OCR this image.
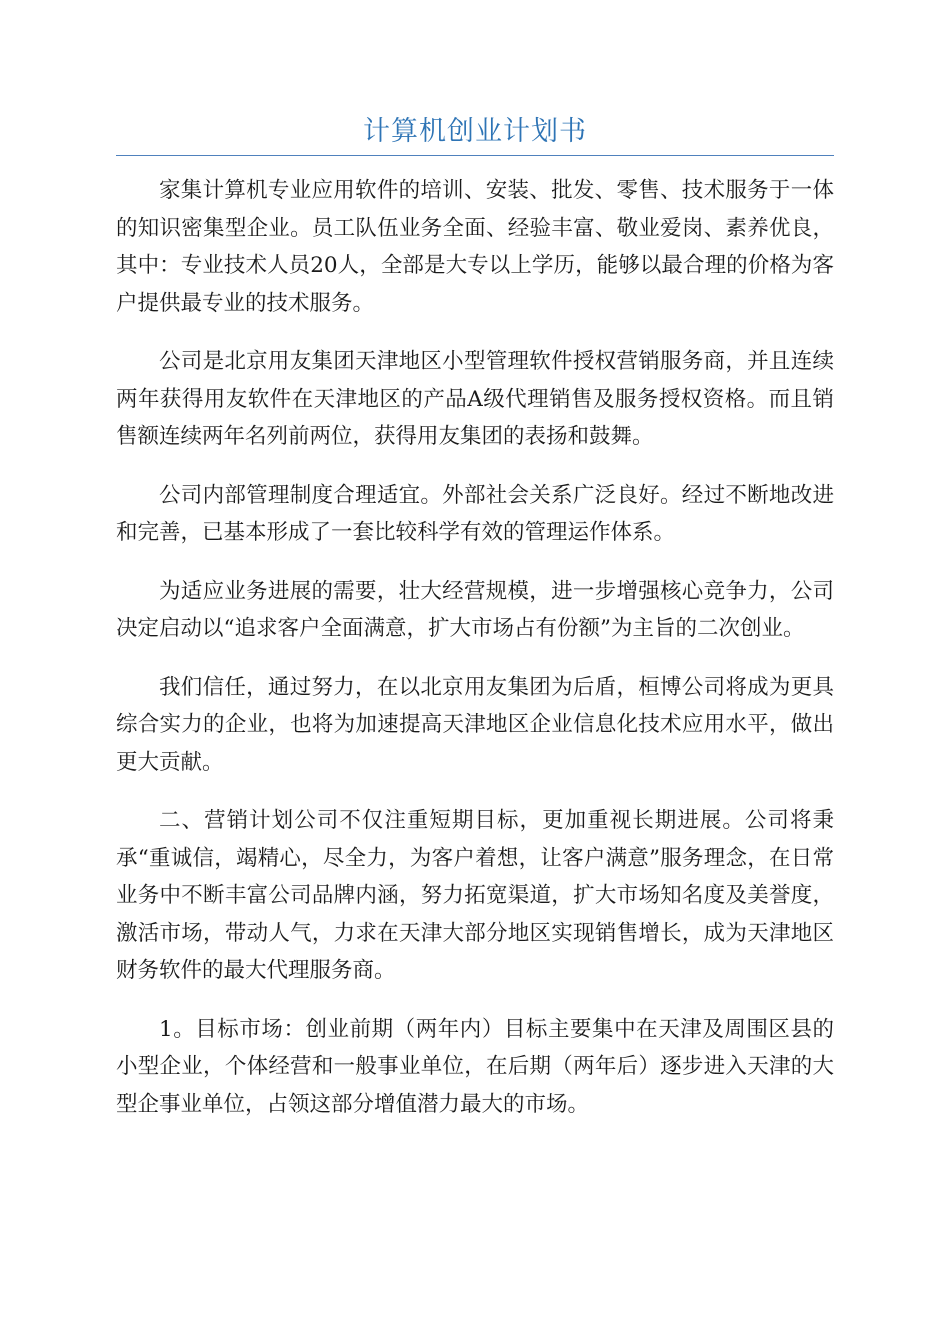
计算机创业计划书

家集计算机专业应用软件的培训、安装、批发、零售、技术服务于一体的知识密集型企业。员工队伍业务全面、经验丰富、敬业爱岗、素养优良，其中：专业技术人员20人，全部是大专以上学历，能够以最合理的价格为客户提供最专业的技术服务。

公司是北京用友集团天津地区小型管理软件授权营销服务商，并且连续两年获得用友软件在天津地区的产品A级代理销售及服务授权资格。而且销售额连续两年名列前两位，获得用友集团的表扬和鼓舞。

公司内部管理制度合理适宜。外部社会关系广泛良好。经过不断地改进和完善，已基本形成了一套比较科学有效的管理运作体系。

为适应业务进展的需要，壮大经营规模，进一步增强核心竞争力，公司决定启动以“追求客户全面满意，扩大市场占有份额”为主旨的二次创业。

我们信任，通过努力，在以北京用友集团为后盾，桓博公司将成为更具综合实力的企业，也将为加速提高天津地区企业信息化技术应用水平，做出更大贡献。

二、营销计划公司不仅注重短期目标，更加重视长期进展。公司将秉承“重诚信，竭精心，尽全力，为客户着想，让客户满意”服务理念，在日常业务中不断丰富公司品牌内涵，努力拓宽渠道，扩大市场知名度及美誉度，激活市场，带动人气，力求在天津大部分地区实现销售增长，成为天津地区财务软件的最大代理服务商。

1。目标市场：创业前期（两年内）目标主要集中在天津及周围区县的小型企业，个体经营和一般事业单位，在后期（两年后）逐步进入天津的大型企事业单位，占领这部分增值潜力最大的市场。
